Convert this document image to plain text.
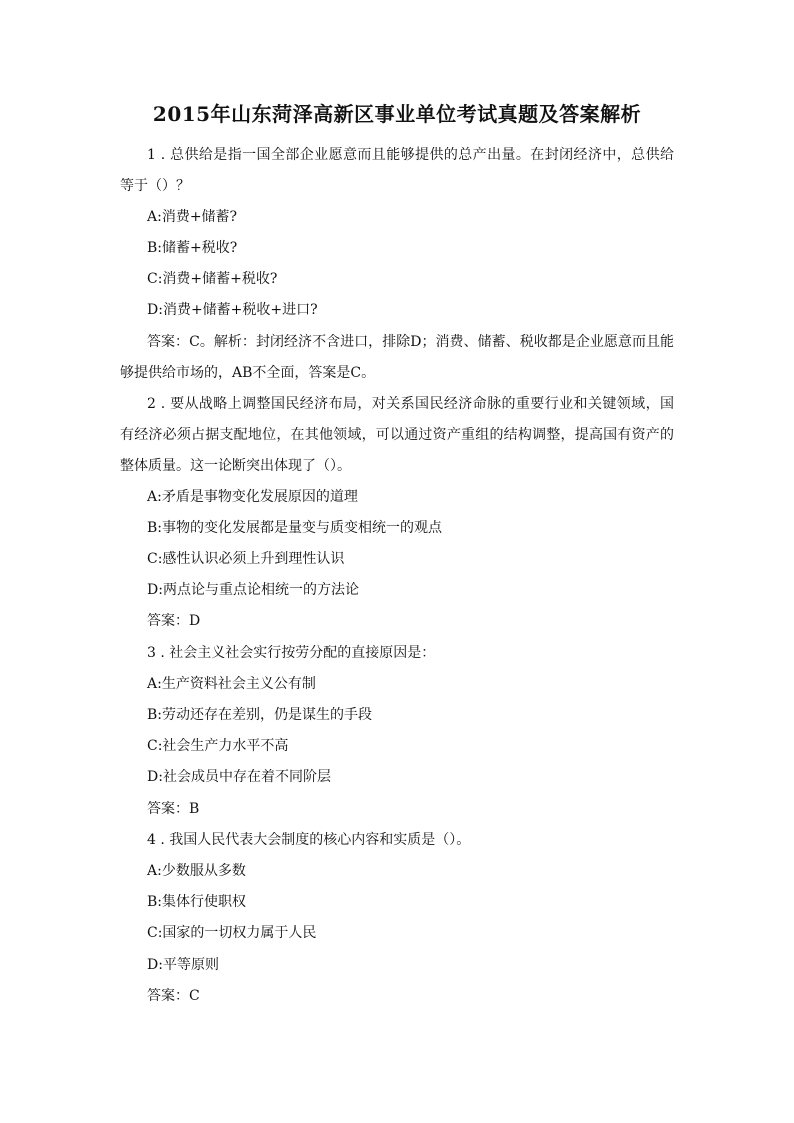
2015年山东菏泽高新区事业单位考试真题及答案解析
1 . 总供给是指一国全部企业愿意而且能够提供的总产出量。在封闭经济中，总供给
等于（）？
A:消费+储蓄?
B:储蓄+税收?
C:消费+储蓄+税收?
D:消费+储蓄+税收+进口?
答案：C。解析：封闭经济不含进口，排除D；消费、储蓄、税收都是企业愿意而且能
够提供给市场的，AB不全面，答案是C。
2 . 要从战略上调整国民经济布局，对关系国民经济命脉的重要行业和关键领域，国
有经济必须占据支配地位，在其他领域，可以通过资产重组的结构调整，提高国有资产的
整体质量。这一论断突出体现了（）。
A:矛盾是事物变化发展原因的道理
B:事物的变化发展都是量变与质变相统一的观点
C:感性认识必须上升到理性认识
D:两点论与重点论相统一的方法论
答案：D
3 . 社会主义社会实行按劳分配的直接原因是：
A:生产资料社会主义公有制
B:劳动还存在差别，仍是谋生的手段
C:社会生产力水平不高
D:社会成员中存在着不同阶层
答案：B
4 . 我国人民代表大会制度的核心内容和实质是（）。
A:少数服从多数
B:集体行使职权
C:国家的一切权力属于人民
D:平等原则
答案：C
